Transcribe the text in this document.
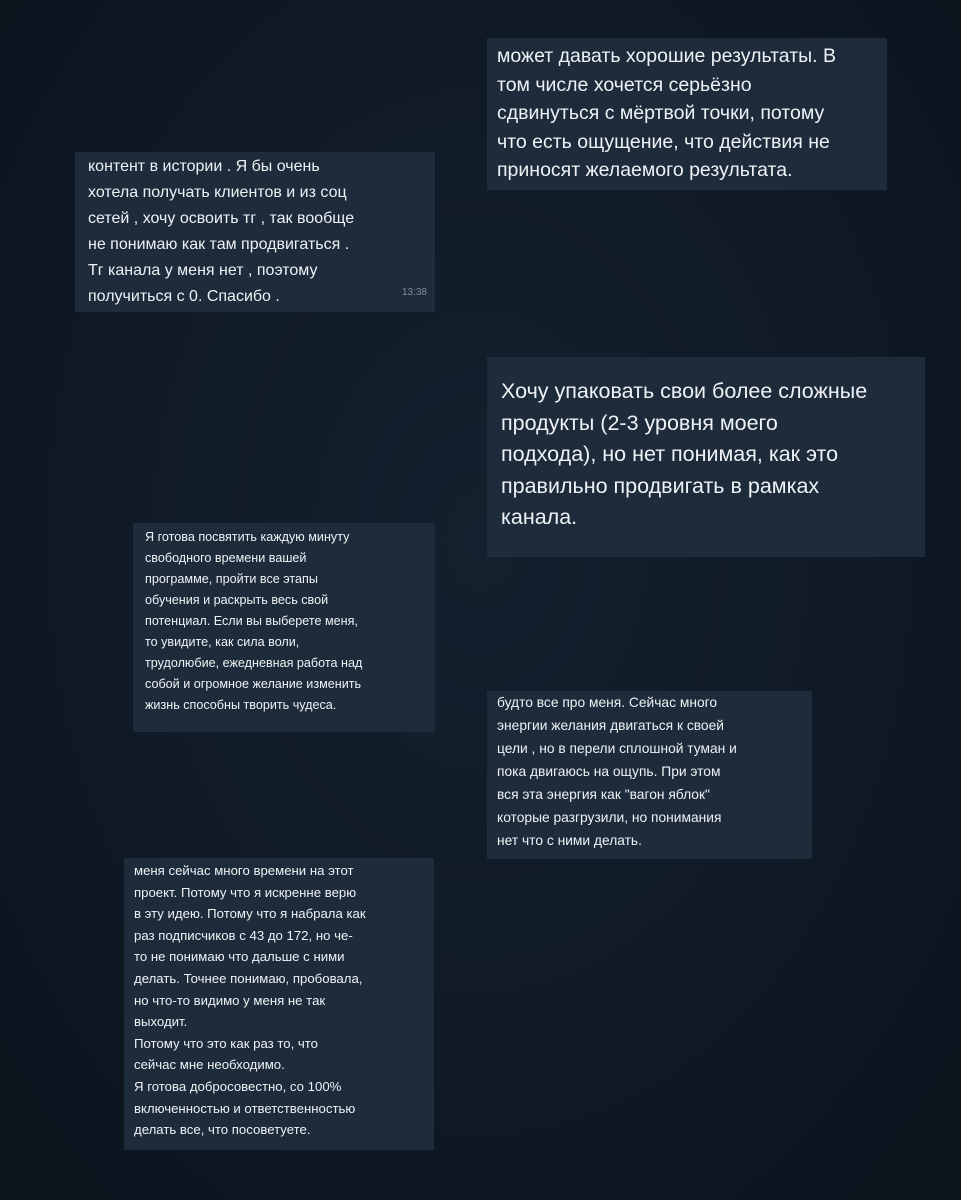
может давать хорошие результаты. В
том числе хочется серьёзно
сдвинуться с мёртвой точки, потому
что есть ощущение, что действия не
приносят желаемого результата.
контент в истории . Я бы очень
хотела получать клиентов и из соц
сетей , хочу освоить тг , так вообще
не понимаю как там продвигаться .
Тг канала у меня нет , поэтому
получиться с 0. Спасибо .	13:38
Хочу упаковать свои более сложные
продукты (2-3 уровня моего
подхода), но нет понимая, как это
правильно продвигать в рамках
канала.
Я готова посвятить каждую минуту
свободного времени вашей
программе, пройти все этапы
обучения и раскрыть весь свой
потенциал. Если вы выберете меня,
то увидите, как сила воли,
трудолюбие, ежедневная работа над
собой и огромное желание изменить
жизнь способны творить чудеса.	будто все про меня. Сейчас много
энергии желания двигаться к своей
цели , но в перели сплошной туман и
пока двигаюсь на ощупь. При этом
вся эта энергия как "вагон яблок"
которые разгрузили, но понимания
нет что с ними делать.
меня сейчас много времени на этот
проект. Потому что я искренне верю
в эту идею. Потому что я набрала как
раз подписчиков с 43 до 172, но че-
то не понимаю что дальше с ними
делать. Точнее понимаю, пробовала,
но что-то видимо у меня не так
выходит.
Потому что это как раз то, что
сейчас мне необходимо.
Я готова добросовестно, со 100%
включенностью и ответственностью
делать все, что посоветуете.
